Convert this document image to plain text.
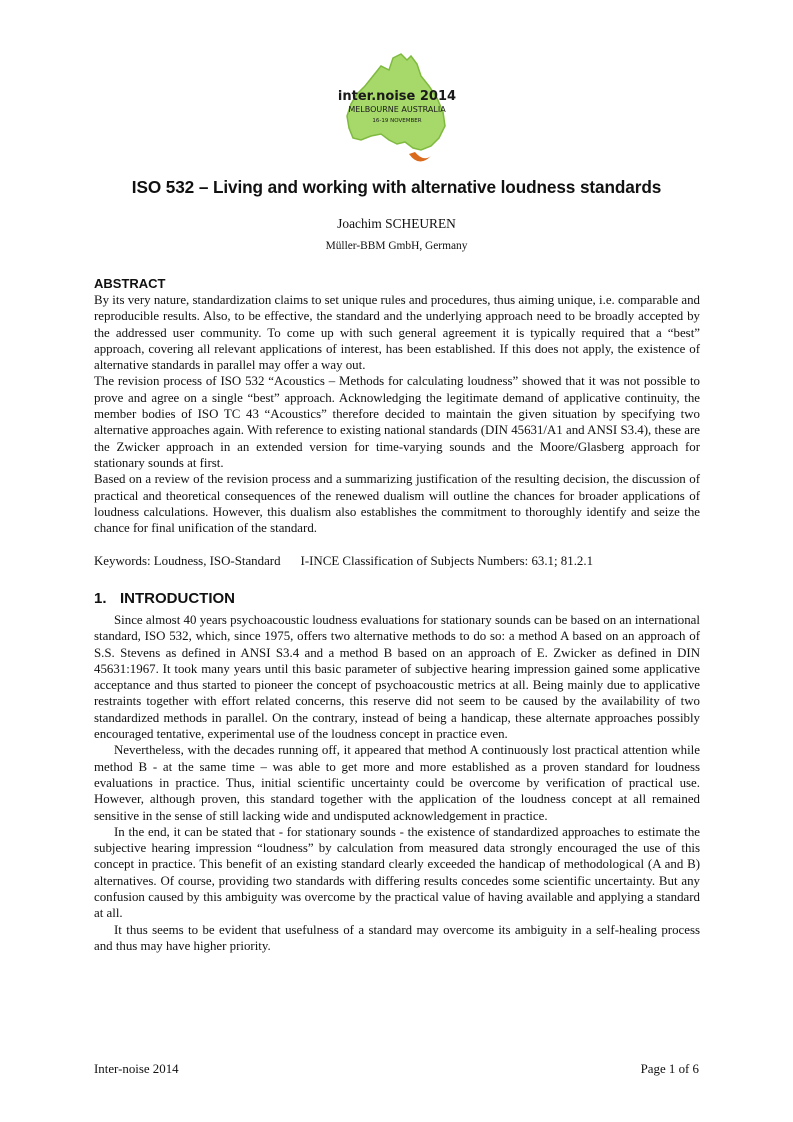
inter.noise 2014
MELBOURNE AUSTRALIA
16-19 NOVEMBER
ISO 532 – Living and working with alternative loudness standards
Joachim SCHEUREN
Müller-BBM GmbH, Germany
ABSTRACT

By its very nature, standardization claims to set unique rules and procedures, thus aiming unique, i.e. comparable and reproducible results. Also, to be effective, the standard and the underlying approach need to be broadly accepted by the addressed user community. To come up with such general agreement it is typically required that a “best” approach, covering all relevant applications of interest, has been established. If this does not apply, the existence of alternative standards in parallel may offer a way out.

The revision process of ISO 532 “Acoustics – Methods for calculating loudness” showed that it was not possible to prove and agree on a single “best” approach. Acknowledging the legitimate demand of applicative continuity, the member bodies of ISO TC 43 “Acoustics” therefore decided to maintain the given situation by specifying two alternative approaches again. With reference to existing national standards (DIN 45631/A1 and ANSI S3.4), these are the Zwicker approach in an extended version for time-varying sounds and the Moore/Glasberg approach for stationary sounds at first.

Based on a review of the revision process and a summarizing justification of the resulting decision, the discussion of practical and theoretical consequences of the renewed dualism will outline the chances for broader applications of loudness calculations. However, this dualism also establishes the commitment to thoroughly identify and seize the chance for final unification of the standard.

Keywords: Loudness, ISO-Standard I-INCE Classification of Subjects Numbers: 63.1; 81.2.1
1. INTRODUCTION

Since almost 40 years psychoacoustic loudness evaluations for stationary sounds can be based on an international standard, ISO 532, which, since 1975, offers two alternative methods to do so: a method A based on an approach of S.S. Stevens as defined in ANSI S3.4 and a method B based on an approach of E. Zwicker as defined in DIN 45631:1967. It took many years until this basic parameter of subjective hearing impression gained some applicative acceptance and thus started to pioneer the concept of psychoacoustic metrics at all. Being mainly due to applicative restraints together with effort related concerns, this reserve did not seem to be caused by the availability of two standardized methods in parallel. On the contrary, instead of being a handicap, these alternate approaches possibly encouraged tentative, experimental use of the loudness concept in practice even.

Nevertheless, with the decades running off, it appeared that method A continuously lost practical attention while method B - at the same time – was able to get more and more established as a proven standard for loudness evaluations in practice. Thus, initial scientific uncertainty could be overcome by verification of practical use. However, although proven, this standard together with the application of the loudness concept at all remained sensitive in the sense of still lacking wide and undisputed acknowledgement in practice.

In the end, it can be stated that - for stationary sounds - the existence of standardized approaches to estimate the subjective hearing impression “loudness” by calculation from measured data strongly encouraged the use of this concept in practice. This benefit of an existing standard clearly exceeded the handicap of methodological (A and B) alternatives. Of course, providing two standards with differing results concedes some scientific uncertainty. But any confusion caused by this ambiguity was overcome by the practical value of having available and applying a standard at all.

It thus seems to be evident that usefulness of a standard may overcome its ambiguity in a self-healing process and thus may have higher priority.

Inter-noise 2014	Page 1 of 6
